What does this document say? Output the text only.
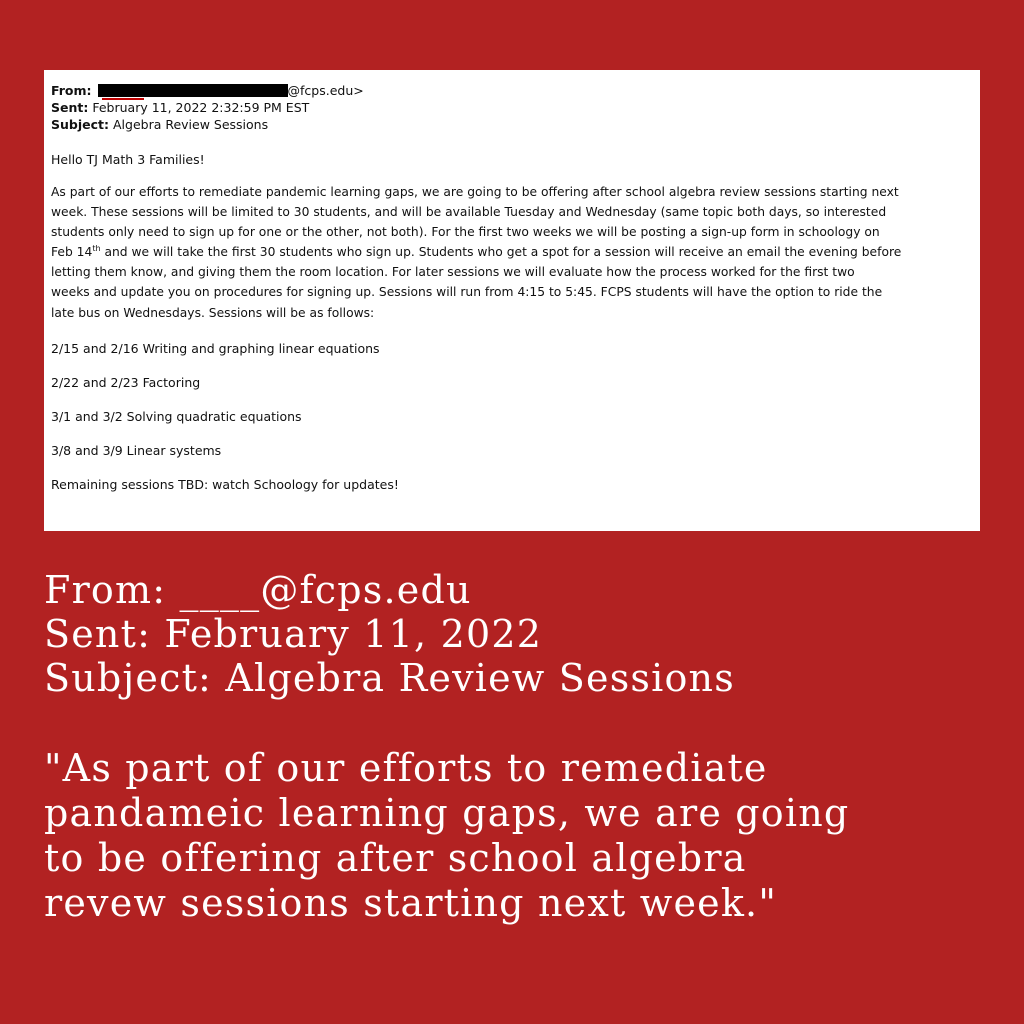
From:	@fcps.edu>
Sent: February 11, 2022 2:32:59 PM EST
Subject: Algebra Review Sessions
Hello TJ Math 3 Families!
As part of our efforts to remediate pandemic learning gaps, we are going to be offering after school algebra review sessions starting next
week. These sessions will be limited to 30 students, and will be available Tuesday and Wednesday (same topic both days, so interested
students only need to sign up for one or the other, not both). For the first two weeks we will be posting a sign-up form in schoology on
Feb 14th and we will take the first 30 students who sign up. Students who get a spot for a session will receive an email the evening before
letting them know, and giving them the room location. For later sessions we will evaluate how the process worked for the first two
weeks and update you on procedures for signing up. Sessions will run from 4:15 to 5:45. FCPS students will have the option to ride the
late bus on Wednesdays. Sessions will be as follows:
2/15 and 2/16 Writing and graphing linear equations
2/22 and 2/23 Factoring
3/1 and 3/2 Solving quadratic equations
3/8 and 3/9 Linear systems
Remaining sessions TBD: watch Schoology for updates!
From: ____@fcps.edu
Sent: February 11, 2022
Subject: Algebra Review Sessions
"As part of our efforts to remediate
pandameic learning gaps, we are going
to be offering after school algebra
revew sessions starting next week."
